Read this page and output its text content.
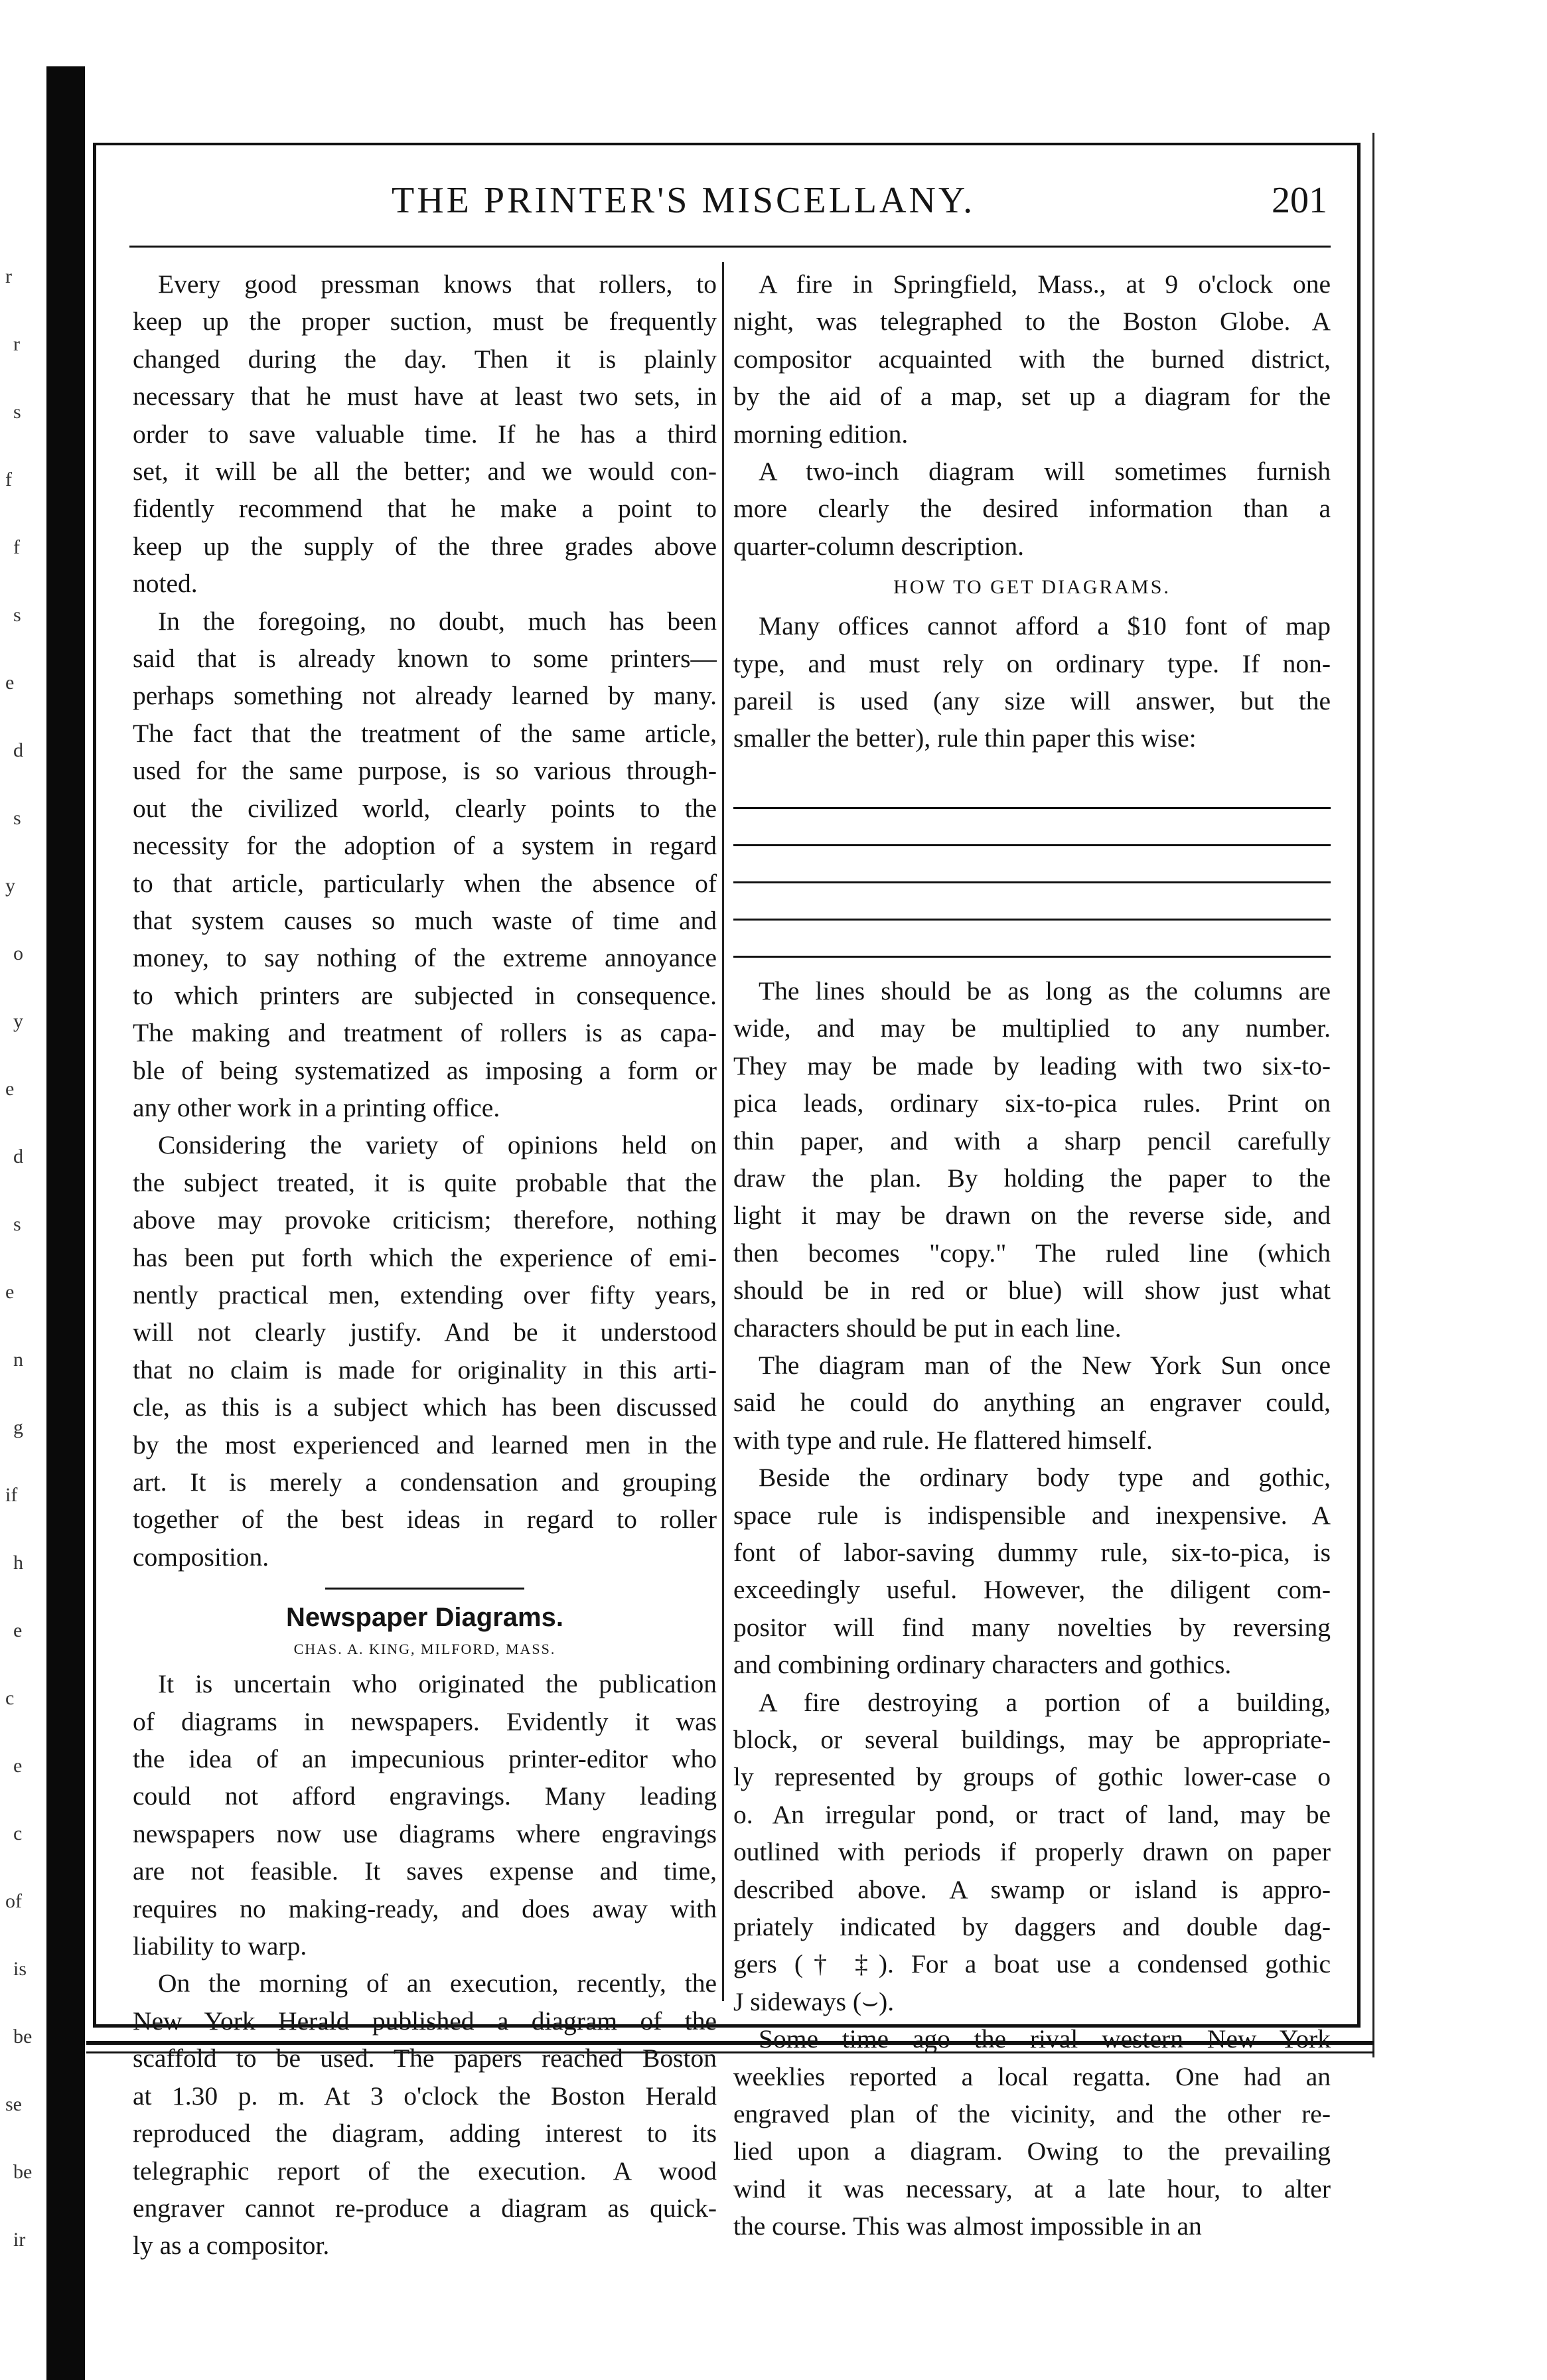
r
r
s
f
f
s
e
d
s
y
o
y
e
d
s
e
n
g
if
h
e
c
e
c
of
is
be
se
be
ir
THE PRINTER'S MISCELLANY.	201
Every good pressman knows that rollers, to
keep up the proper suction, must be frequently
changed during the day. Then it is plainly
necessary that he must have at least two sets, in
order to save valuable time. If he has a third
set, it will be all the better; and we would con-
fidently recommend that he make a point to
keep up the supply of the three grades above
noted.
In the foregoing, no doubt, much has been
said that is already known to some printers—
perhaps something not already learned by many.
The fact that the treatment of the same article,
used for the same purpose, is so various through-
out the civilized world, clearly points to the
necessity for the adoption of a system in regard
to that article, particularly when the absence of
that system causes so much waste of time and
money, to say nothing of the extreme annoyance
to which printers are subjected in consequence.
The making and treatment of rollers is as capa-
ble of being systematized as imposing a form or
any other work in a printing office.
Considering the variety of opinions held on
the subject treated, it is quite probable that the
above may provoke criticism; therefore, nothing
has been put forth which the experience of emi-
nently practical men, extending over fifty years,
will not clearly justify. And be it understood
that no claim is made for originality in this arti-
cle, as this is a subject which has been discussed
by the most experienced and learned men in the
art. It is merely a condensation and grouping
together of the best ideas in regard to roller
composition.

Newspaper Diagrams.

CHAS. A. KING, MILFORD, MASS.

It is uncertain who originated the publication
of diagrams in newspapers. Evidently it was
the idea of an impecunious printer-editor who
could not afford engravings. Many leading
newspapers now use diagrams where engravings
are not feasible. It saves expense and time,
requires no making-ready, and does away with
liability to warp.
On the morning of an execution, recently, the
New York Herald published a diagram of the
scaffold to be used. The papers reached Boston
at 1.30 p. m. At 3 o'clock the Boston Herald
reproduced the diagram, adding interest to its
telegraphic report of the execution. A wood
engraver cannot re-produce a diagram as quick-
ly as a compositor.
A fire in Springfield, Mass., at 9 o'clock one
night, was telegraphed to the Boston Globe. A
compositor acquainted with the burned district,
by the aid of a map, set up a diagram for the
morning edition.
A two-inch diagram will sometimes furnish
more clearly the desired information than a
quarter-column description.

HOW TO GET DIAGRAMS.

Many offices cannot afford a $10 font of map
type, and must rely on ordinary type. If non-
pareil is used (any size will answer, but the
smaller the better), rule thin paper this wise:
The lines should be as long as the columns are
wide, and may be multiplied to any number.
They may be made by leading with two six-to-
pica leads, ordinary six-to-pica rules. Print on
thin paper, and with a sharp pencil carefully
draw the plan. By holding the paper to the
light it may be drawn on the reverse side, and
then becomes "copy." The ruled line (which
should be in red or blue) will show just what
characters should be put in each line.
The diagram man of the New York Sun once
said he could do anything an engraver could,
with type and rule. He flattered himself.
Beside the ordinary body type and gothic,
space rule is indispensible and inexpensive. A
font of labor-saving dummy rule, six-to-pica, is
exceedingly useful. However, the diligent com-
positor will find many novelties by reversing
and combining ordinary characters and gothics.
A fire destroying a portion of a building,
block, or several buildings, may be appropriate-
ly represented by groups of gothic lower-case o
o. An irregular pond, or tract of land, may be
outlined with periods if properly drawn on paper
described above. A swamp or island is appro-
priately indicated by daggers and double dag-
gers († ‡). For a boat use a condensed gothic
J sideways (⌣).
Some time ago the rival western New York
weeklies reported a local regatta. One had an
engraved plan of the vicinity, and the other re-
lied upon a diagram. Owing to the prevailing
wind it was necessary, at a late hour, to alter
the course. This was almost impossible in an
